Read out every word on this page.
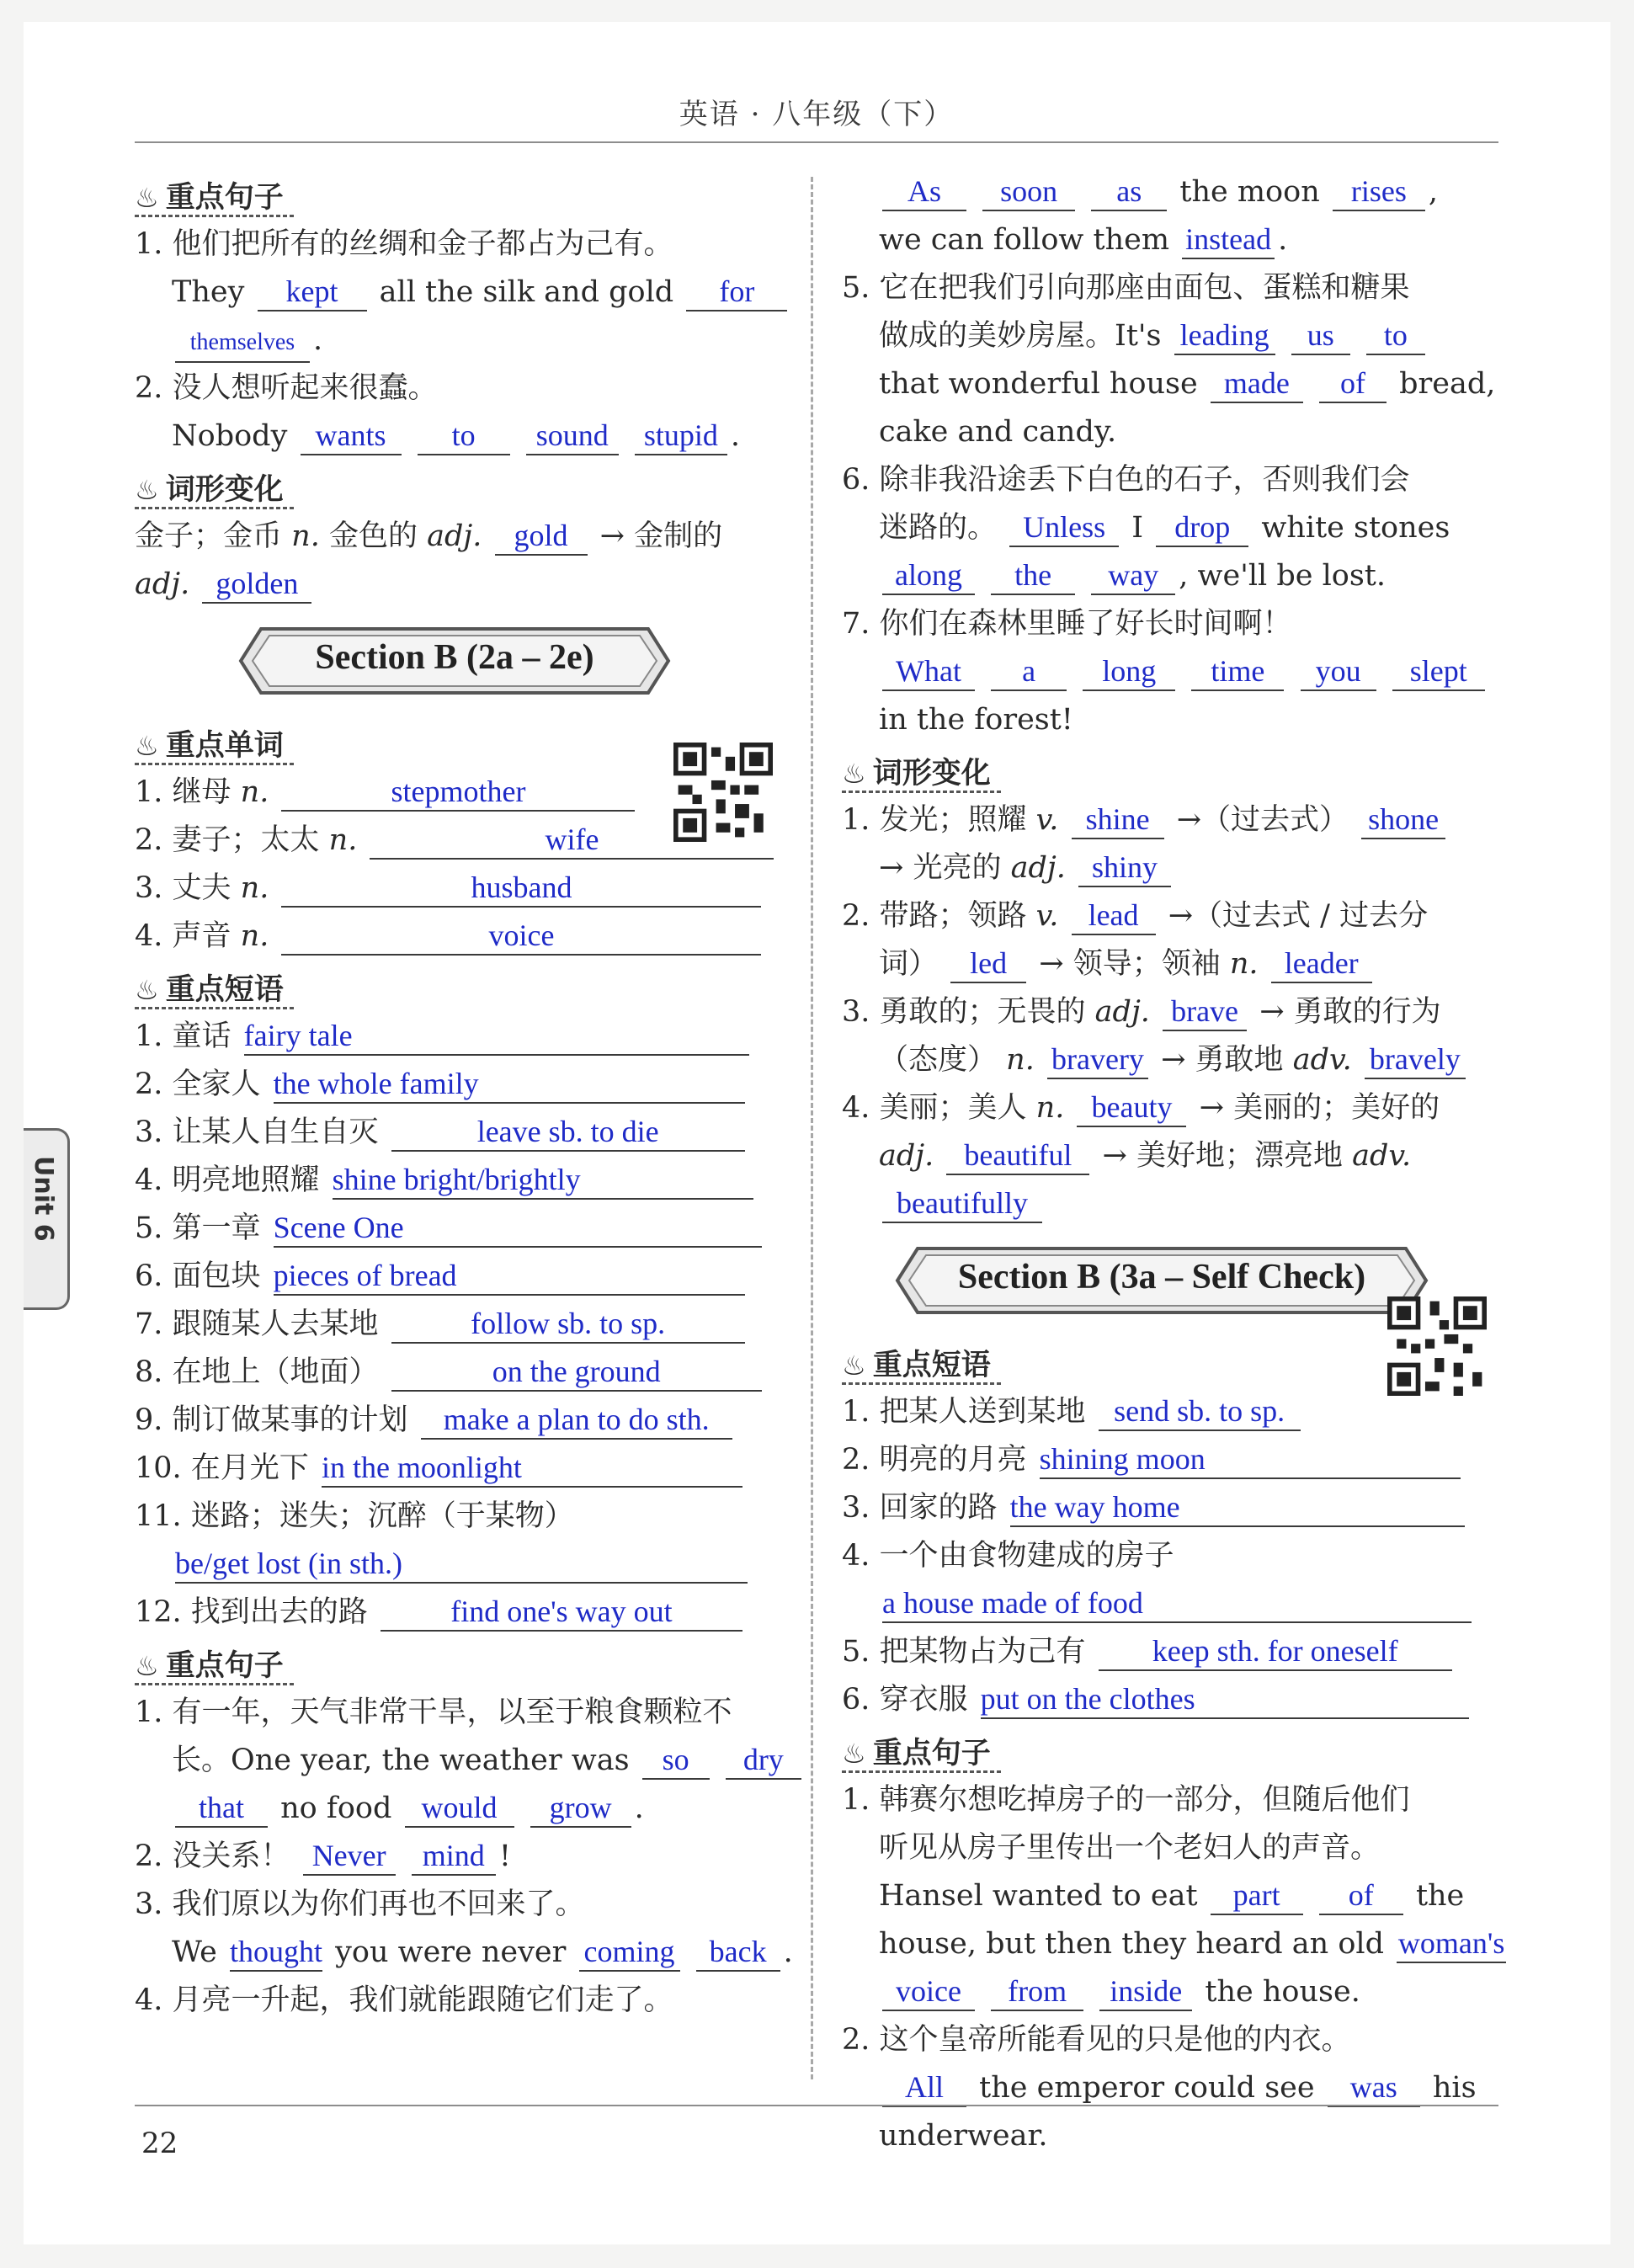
英语 · 八年级（下）
Unit 6
♨ 重点句子
1. 他们把所有的丝绸和金子都占为己有。
They kept all the silk and gold for
themselves .
2. 没人想听起来很蠢。
Nobody wants to sound stupid .
♨ 词形变化
金子；金币 n. 金色的 adj. gold → 金制的
adj. golden
Section B (2a – 2e)
♨ 重点单词
1. 继母 n.	stepmother
2. 妻子；太太 n.	wife
3. 丈夫 n.	husband
4. 声音 n.	voice
♨ 重点短语
1. 童话 fairy tale
2. 全家人 the whole family
3. 让某人自生自灭	leave sb. to die
4. 明亮地照耀 shine bright/brightly
5. 第一章 Scene One
6. 面包块 pieces of bread
7. 跟随某人去某地	follow sb. to sp.
8. 在地上（地面）	on the ground
9. 制订做某事的计划 make a plan to do sth.
10. 在月光下 in the moonlight
11. 迷路；迷失；沉醉（于某物）
be/get lost (in sth.)
12. 找到出去的路	find one's way out
♨ 重点句子
1. 有一年，天气非常干旱，以至于粮食颗粒不
长。One year, the weather was so dry
that no food would grow .
2. 没关系！ Never mind !
3. 我们原以为你们再也不回来了。
We thought you were never coming back .
4. 月亮一升起，我们就能跟随它们走了。
As soon as the moon rises ,
we can follow them instead .
5. 它在把我们引向那座由面包、蛋糕和糖果
做成的美妙房屋。It's leading us to
that wonderful house made of bread,
cake and candy.
6. 除非我沿途丢下白色的石子，否则我们会
迷路的。 Unless I drop white stones
along the way , we'll be lost.
7. 你们在森林里睡了好长时间啊！
What a long time you slept
in the forest!
♨ 词形变化
1. 发光；照耀 v. shine →（过去式） shone
→ 光亮的 adj. shiny
2. 带路；领路 v. lead →（过去式 / 过去分
词） led → 领导；领袖 n. leader
3. 勇敢的；无畏的 adj. brave → 勇敢的行为
（态度） n. bravery → 勇敢地 adv. bravely
4. 美丽；美人 n. beauty → 美丽的；美好的
adj. beautiful → 美好地；漂亮地 adv.
beautifully
Section B (3a – Self Check)
♨ 重点短语
1. 把某人送到某地 send sb. to sp.
2. 明亮的月亮 shining moon
3. 回家的路 the way home
4. 一个由食物建成的房子
a house made of food
5. 把某物占为己有 keep sth. for oneself
6. 穿衣服 put on the clothes
♨ 重点句子
1. 韩赛尔想吃掉房子的一部分，但随后他们
听见从房子里传出一个老妇人的声音。
Hansel wanted to eat part of the
house, but then they heard an old woman's
voice from inside the house.
2. 这个皇帝所能看见的只是他的内衣。
All the emperor could see was his
underwear.
22
